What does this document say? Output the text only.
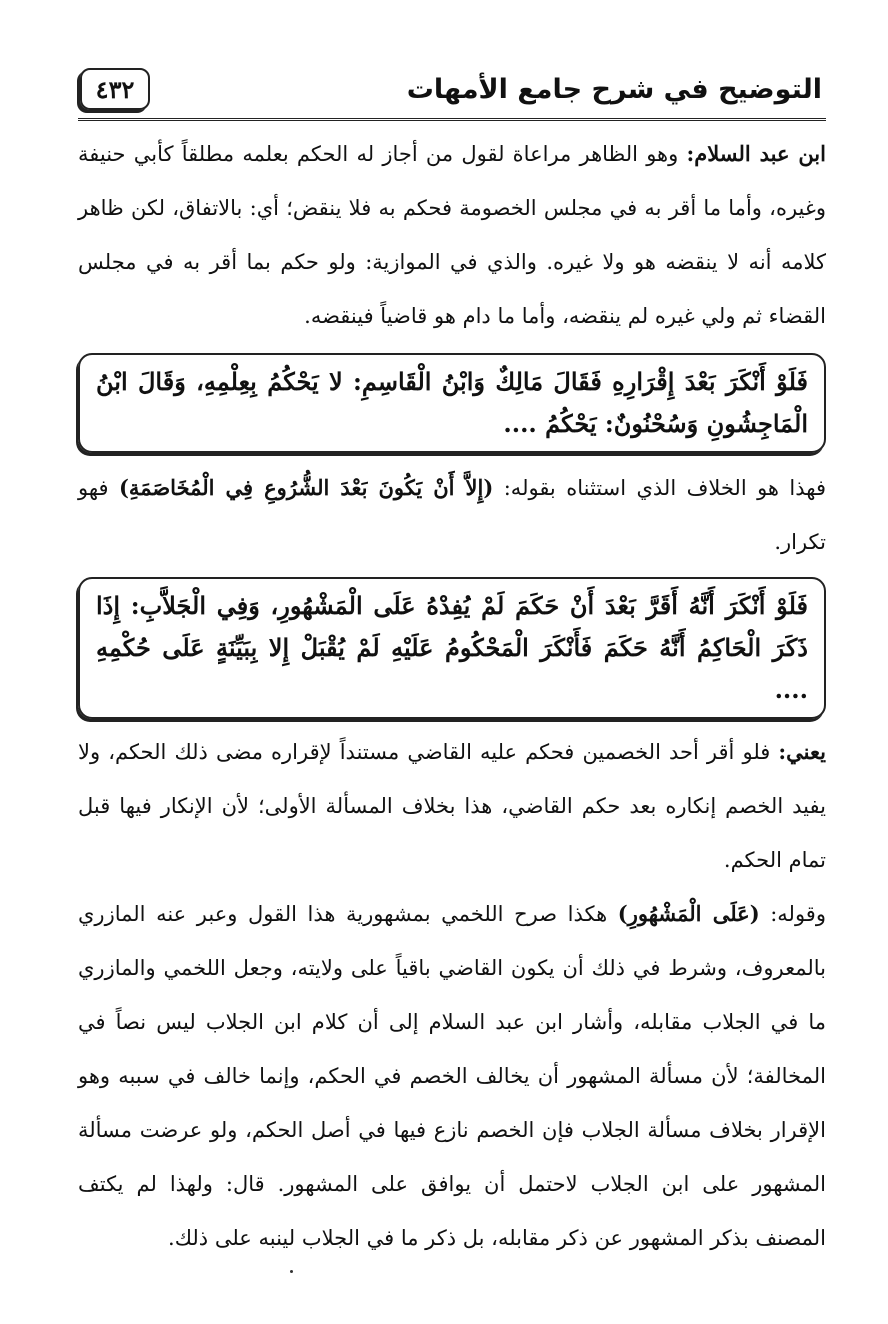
التوضيح في شرح جامع الأمهات
٤٣٢

ابن عبد السلام: وهو الظاهر مراعاة لقول من أجاز له الحكم بعلمه مطلقاً كأبي حنيفة وغيره، وأما ما أقر به في مجلس الخصومة فحكم به فلا ينقض؛ أي: بالاتفاق، لكن ظاهر كلامه أنه لا ينقضه هو ولا غيره. والذي في الموازية: ولو حكم بما أقر به في مجلس القضاء ثم ولي غيره لم ينقضه، وأما ما دام هو قاضياً فينقضه.

فَلَوْ أَنْكَرَ بَعْدَ إِقْرَارِهِ فَقَالَ مَالِكٌ وَابْنُ الْقَاسِمِ: لا يَحْكُمُ بِعِلْمِهِ، وَقَالَ ابْنُ الْمَاجِشُونِ وَسُحْنُونٌ: يَحْكُمُ ....

فهذا هو الخلاف الذي استثناه بقوله: (إِلاَّ أَنْ يَكُونَ بَعْدَ الشُّرُوعِ فِي الْمُخَاصَمَةِ) فهو تكرار.

فَلَوْ أَنْكَرَ أَنَّهُ أَقَرَّ بَعْدَ أَنْ حَكَمَ لَمْ يُفِدْهُ عَلَى الْمَشْهُورِ، وَفِي الْجَلاَّبِ: إِذَا ذَكَرَ الْحَاكِمُ أَنَّهُ حَكَمَ فَأَنْكَرَ الْمَحْكُومُ عَلَيْهِ لَمْ يُقْبَلْ إِلا بِبَيِّنَةٍ عَلَى حُكْمِهِ ....

يعني: فلو أقر أحد الخصمين فحكم عليه القاضي مستنداً لإقراره مضى ذلك الحكم، ولا يفيد الخصم إنكاره بعد حكم القاضي، هذا بخلاف المسألة الأولى؛ لأن الإنكار فيها قبل تمام الحكم.

وقوله: (عَلَى الْمَشْهُورِ) هكذا صرح اللخمي بمشهورية هذا القول وعبر عنه المازري بالمعروف، وشرط في ذلك أن يكون القاضي باقياً على ولايته، وجعل اللخمي والمازري ما في الجلاب مقابله، وأشار ابن عبد السلام إلى أن كلام ابن الجلاب ليس نصاً في المخالفة؛ لأن مسألة المشهور أن يخالف الخصم في الحكم، وإنما خالف في سببه وهو الإقرار بخلاف مسألة الجلاب فإن الخصم نازع فيها في أصل الحكم، ولو عرضت مسألة المشهور على ابن الجلاب لاحتمل أن يوافق على المشهور. قال: ولهذا لم يكتف المصنف بذكر المشهور عن ذكر مقابله، بل ذكر ما في الجلاب لينبه على ذلك.
